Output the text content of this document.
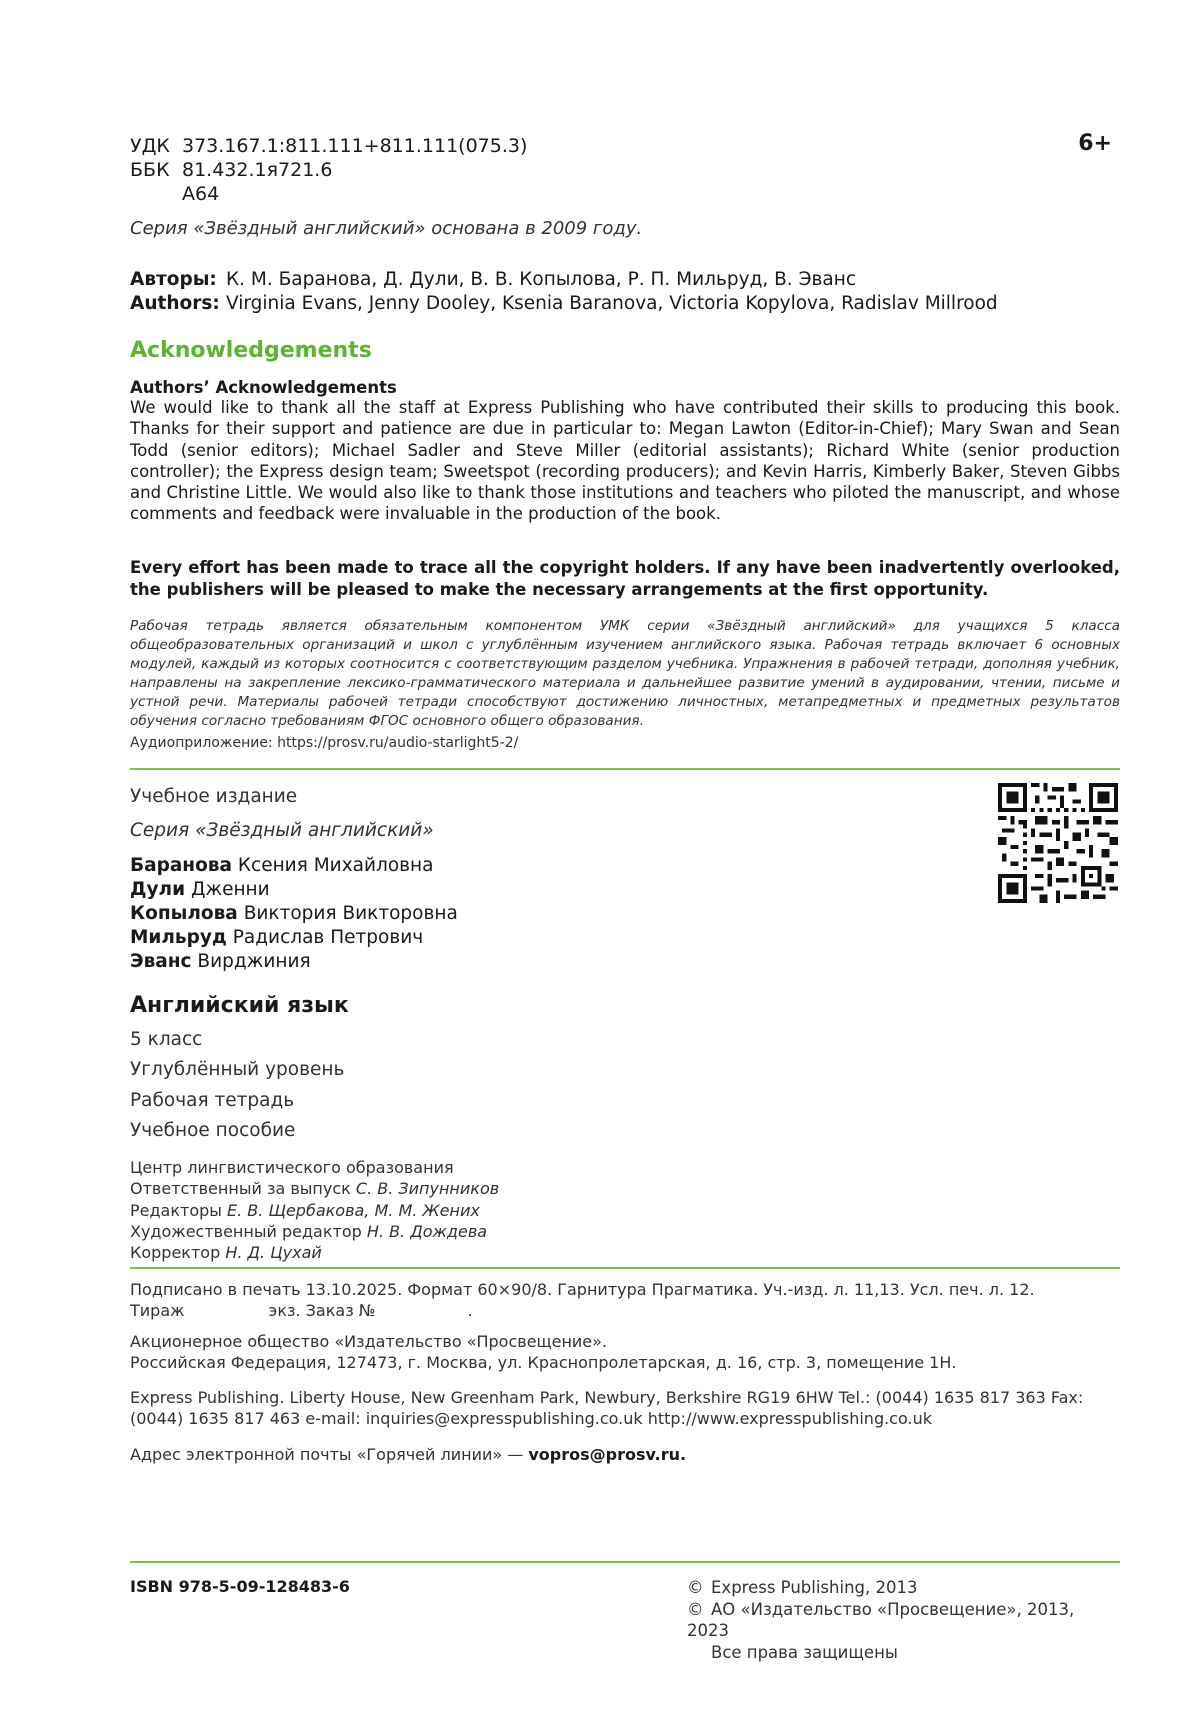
УДК 373.167.1:811.111+811.111(075.3)
ББК 81.432.1я721.6
А64
6+
Серия «Звёздный английский» основана в 2009 году.
Авторы: К. М. Баранова, Д. Дули, В. В. Копылова, Р. П. Мильруд, В. Эванс
Authors: Virginia Evans, Jenny Dooley, Ksenia Baranova, Victoria Kopylova, Radislav Millrood
Acknowledgements
Authors’ Acknowledgements
We would like to thank all the staff at Express Publishing who have contributed their skills to producing this book. Thanks for their support and patience are due in particular to: Megan Lawton (Editor-in-Chief); Mary Swan and Sean Todd (senior editors); Michael Sadler and Steve Miller (editorial assistants); Richard White (senior production controller); the Express design team; Sweetspot (recording producers); and Kevin Harris, Kimberly Baker, Steven Gibbs and Christine Little. We would also like to thank those institutions and teachers who piloted the manuscript, and whose comments and feedback were invaluable in the production of the book.
Every effort has been made to trace all the copyright holders. If any have been inadvertently overlooked, the publishers will be pleased to make the necessary arrangements at the first opportunity.
Рабочая тетрадь является обязательным компонентом УМК серии «Звёздный английский» для учащихся 5 класса общеобразовательных организаций и школ с углублённым изучением английского языка. Рабочая тетрадь включает 6 основных модулей, каждый из которых соотносится с соответствующим разделом учебника. Упражнения в рабочей тетради, дополняя учебник, направлены на закрепление лексико-грамматического материала и дальнейшее развитие умений в аудировании, чтении, письме и устной речи. Материалы рабочей тетради способствуют достижению личностных, метапредметных и предметных результатов обучения согласно требованиям ФГОС основного общего образования.
Аудиоприложение: https://prosv.ru/audio-starlight5-2/
Учебное издание
Серия «Звёздный английский»
Баранова Ксения Михайловна
Дули Дженни
Копылова Виктория Викторовна
Мильруд Радислав Петрович
Эванс Вирджиния
Английский язык
5 класс
Углублённый уровень
Рабочая тетрадь
Учебное пособие
Центр лингвистического образования
Ответственный за выпуск С. В. Зипунников
Редакторы Е. В. Щербакова, М. М. Жених
Художественный редактор Н. В. Дождева
Корректор Н. Д. Цухай
Подписано в печать 13.10.2025. Формат 60×90/8. Гарнитура Прагматика. Уч.-изд. л. 11,13. Усл. печ. л. 12.
Тираж	экз. Заказ №	.
Акционерное общество «Издательство «Просвещение».
Российская Федерация, 127473, г. Москва, ул. Краснопролетарская, д. 16, стр. 3, помещение 1Н.
Express Publishing. Liberty House, New Greenham Park, Newbury, Berkshire RG19 6HW Tel.: (0044) 1635 817 363 Fax: (0044) 1635 817 463 e-mail: inquiries@expresspublishing.co.uk http://www.expresspublishing.co.uk
Адрес электронной почты «Горячей линии» — vopros@prosv.ru.
ISBN 978-5-09-128483-6	© Express Publishing, 2013
© АО «Издательство «Просвещение», 2013, 2023
Все права защищены
